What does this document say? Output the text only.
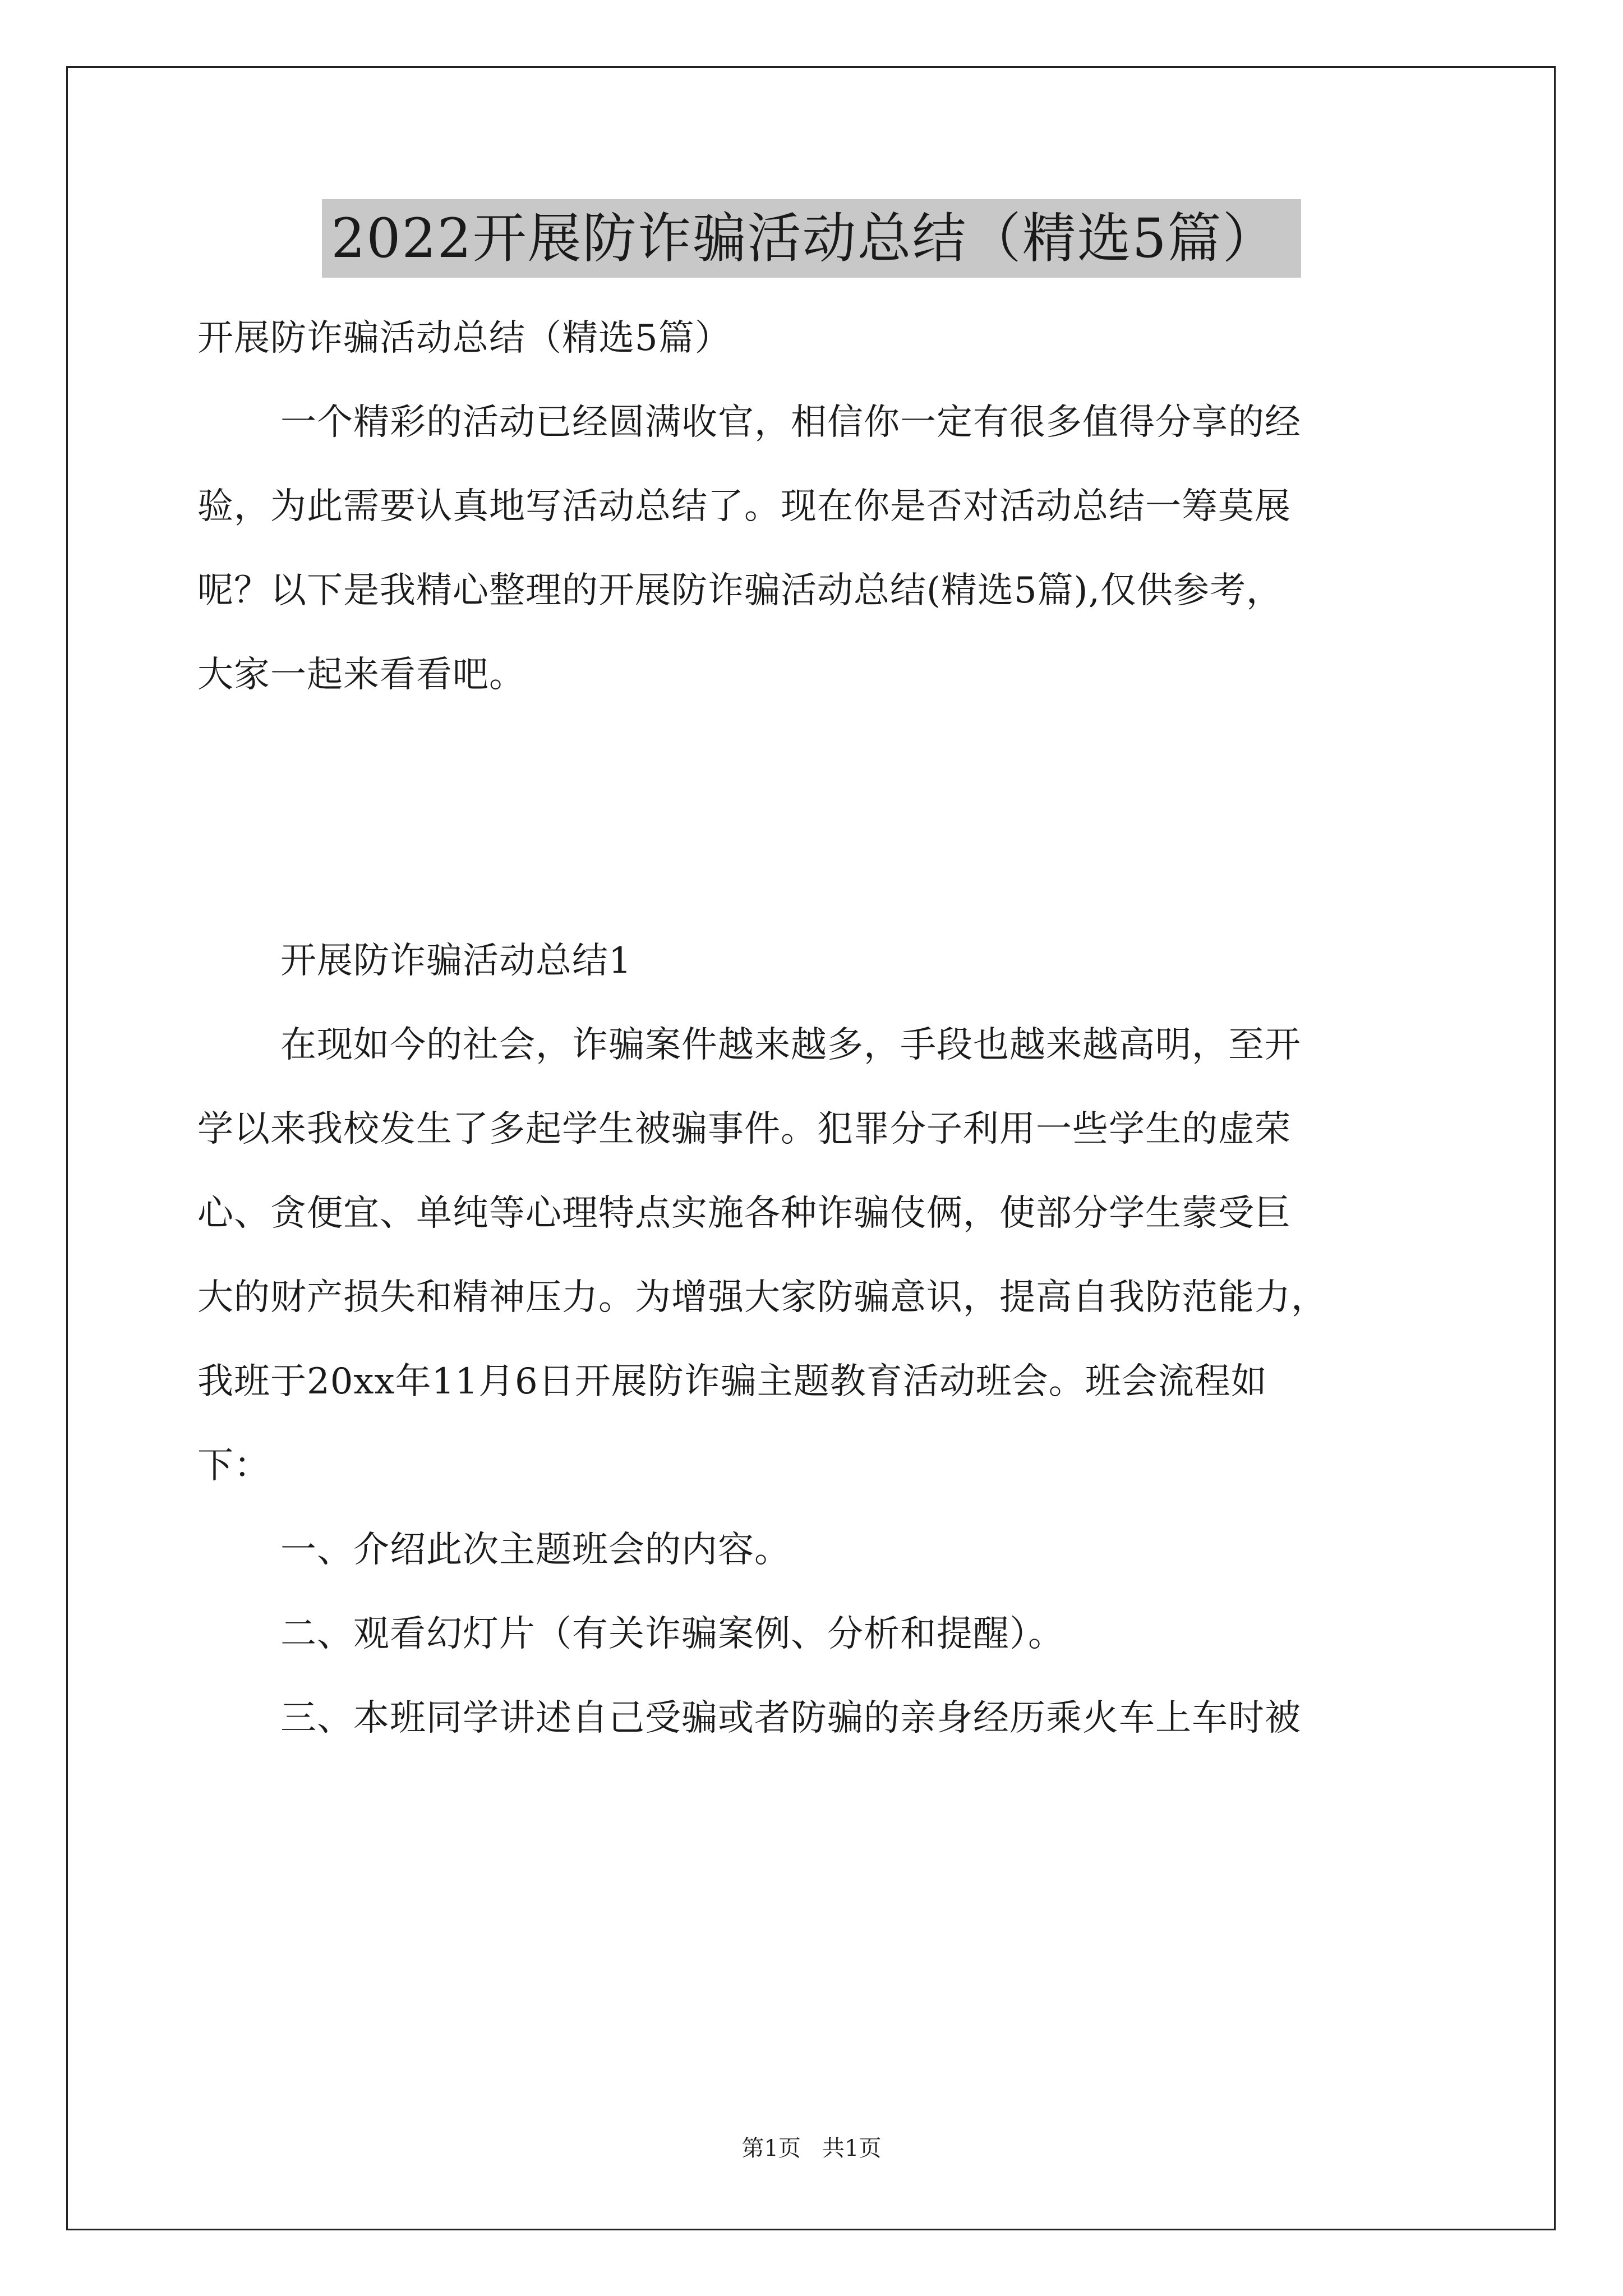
2022开展防诈骗活动总结（精选5篇）
开展防诈骗活动总结（精选5篇）
一个精彩的活动已经圆满收官，相信你一定有很多值得分享的经
验，为此需要认真地写活动总结了。现在你是否对活动总结一筹莫展
呢？以下是我精心整理的开展防诈骗活动总结(精选5篇),仅供参考，
大家一起来看看吧。
开展防诈骗活动总结1
在现如今的社会，诈骗案件越来越多，手段也越来越高明，至开
学以来我校发生了多起学生被骗事件。犯罪分子利用一些学生的虚荣
心、贪便宜、单纯等心理特点实施各种诈骗伎俩，使部分学生蒙受巨
大的财产损失和精神压力。为增强大家防骗意识，提高自我防范能力，
我班于20xx年11月6日开展防诈骗主题教育活动班会。班会流程如
下：
一、介绍此次主题班会的内容。
二、观看幻灯片（有关诈骗案例、分析和提醒）。
三、本班同学讲述自己受骗或者防骗的亲身经历乘火车上车时被
第1页   共1页
